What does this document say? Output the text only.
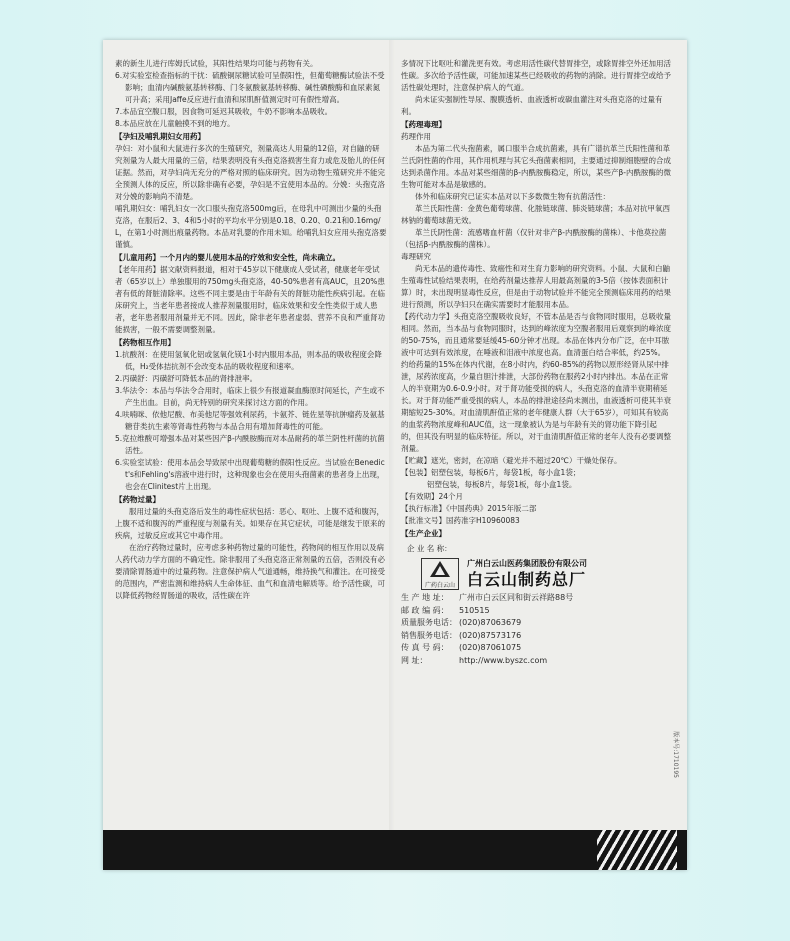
素的新生儿进行库姆氏试验，其阳性结果均可能与药物有关。
6.对实验室检查指标的干扰：硫酸铜尿糖试验可呈假阳性，但葡萄糖酶试验法不受影响；血清内碱酸氨基转移酶、门冬氨酸氨基转移酶、碱性磷酸酶和血尿素氮可升高；采用Jaffe反应进行血清和尿肌酐值测定时可有假性增高。
7.本品宜空腹口服，因食物可延迟其吸收，牛奶不影响本品吸收。
8.本品应放在儿童触摸不到的地方。
【孕妇及哺乳期妇女用药】
孕妇：对小鼠和大鼠进行多次的生殖研究，剂量高达人用量的12倍，对自鼬的研究剂量为人最大用量的三倍，结果表明没有头孢克洛损害生育力或危及胎儿的任何证据。然而，对孕妇尚无充分的严格对照的临床研究。因为动物生殖研究并不能完全预测人体的反应，所以除非确有必要，孕妇是不宜使用本品的。分娩：头孢克洛对分娩的影响尚不清楚。
哺乳期妇女：哺乳妇女一次口服头孢克洛500mg后，在母乳中可测出少量的头孢克洛，在服后2、3、4和5小时的平均水平分别是0.18、0.20、0.21和0.16mg/L，在第1小时测出痕量药物。本品对乳婴的作用未知。给哺乳妇女应用头孢克洛要谨慎。
【儿童用药】一个月内的婴儿使用本品的疗效和安全性，尚未确立。
【老年用药】据文献资料报道，相对于45岁以下健康成人受试者，健康老年受试者（65岁以上）单独服用的750mg头孢克洛，40-50%患者有高AUC，且20%患者有低的肾脏清除率。这些不同主要是由于年龄有关的肾脏功能性疾病引起。在临床研究上，当老年患者接成人推荐剂量服用时，临床效果和安全性类似于成人患者，老年患者服用剂量并无不同。因此，除非老年患者虚弱、营养不良和严重肾功能损害，一般不需要调整剂量。
【药物相互作用】
1.抗酸剂：在使用氢氧化铝或氢氧化镁1小时内服用本品，则本品的吸收程度会降低，H₂受体拮抗剂不会改变本品的吸收程度和速率。
2.丙磺舒：丙磺舒可降低本品的肾排泄率。
3.华法令：本品与华法令合用时，临床上很少有报道凝血酶原时间延长，产生或不产生出血。目前，尚无特别的研究来探讨这方面的作用。
4.呋喃咪、依他尼酸、布美他尼等强效利尿药，卡氨芥、链佐星等抗肿瘤药及氨基糖苷类抗生素等肾毒性药物与本品合用有增加肾毒性的可能。
5.克拉维酸可增强本品对某些因产β-内酰胺酶而对本品耐药的革兰阴性杆菌的抗菌活性。
6.实验室试验：使用本品会导致尿中出现葡萄糖的假阳性反应。当试验在Benedict's和Fehling's溶液中进行时，这种现象也会在使用头孢菌素的患者身上出现，也会在Clinitest片上出现。
【药物过量】
服用过量的头孢克洛后发生的毒性症状包括：恶心、呕吐、上腹不适和腹泻，上腹不适和腹泻的严重程度与剂量有关。如果存在其它症状，可能是继发于原来的疾病，过敏反应或其它中毒作用。
在治疗药物过量时，应考虑多种药物过量的可能性，药物间的相互作用以及病人药代动力学方面的不确定性。除非服用了头孢克洛正常剂量的五倍，否则没有必要清除胃肠道中的过量药物。注意保护病人气道通畅，维持换气和灌注。在可接受的范围内，严密监测和维持病人生命体征、血气和血清电解质等。给予活性碳，可以降低药物经胃肠道的吸收，活性碳在许
多情况下比呕吐和灌洗更有效。考虑用活性碳代替胃排空，或除胃排空外还加用活性碳。多次给予活性碳，可能加速某些已经吸收的药物的消除。进行胃排空或给予活性碳处理时，注意保护病人的气道。
尚未证实强制性导尿、腹膜透析、血液透析或碳血灌注对头孢克洛的过量有利。
【药理毒理】
药理作用
本品为第二代头孢菌素，属口服半合成抗菌素，具有广谱抗革兰氏阳性菌和革兰氏阴性菌的作用，其作用机理与其它头孢菌素相同，主要通过抑制细胞壁的合成达到杀菌作用。本品对某些细菌的β-内酰胺酶稳定，所以，某些产β-内酰胺酶的微生物可能对本品是敏感的。
体外和临床研究已证实本品对以下多数微生物有抗菌活性：
革兰氏阳性菌：金黄色葡萄球菌、化脓链球菌、肺炎链球菌；本品对抗甲氧西林钠的葡萄球菌无效。
革兰氏阴性菌：流感嗜血杆菌（仅针对非产β-内酰胺酶的菌株）、卡他莫拉菌（包括β-内酰胺酶的菌株）。
毒理研究
尚无本品的遗传毒性、致癌性和对生育力影响的研究资料。小鼠、大鼠和白鼬生殖毒性试验结果表明，在给药剂量达推荐人用最高剂量的3-5倍（按体表面积计算）时，未出现明显毒性反应，但是由于动物试验并不能完全预测临床用药的结果进行预测，所以孕妇只在确实需要时才能服用本品。
【药代动力学】头孢克洛空腹吸收良好，不管本品是否与食物同时服用，总吸收量相同。然而，当本品与食物同服时，达到的峰浓度为空腹者服用后观察到的峰浓度的50-75%，而且通常要延缓45-60分钟才出现。本品在体内分布广泛，在中耳脓液中可达到有效浓度，在唾液和泪液中浓度也高。血清蛋白结合率低，约25%。约给药量的15%在体内代谢，在8小时内，约60-85%的药物以原形经肾从尿中排泄，尿药浓度高，少量自胆汁排泄，大部份药物在服药2小时内排出。本品在正常人的半衰期为0.6-0.9小时。对于肾功能受损的病人，头孢克洛的血清半衰期稍延长。对于肾功能严重受损的病人，本品的排泄途径尚未测出，血液透析可使其半衰期缩短25-30%。对血清肌酐值正常的老年健康人群（大于65岁），可知其有较高的血浆药物浓度峰和AUC值，这一现象被认为是与年龄有关的肾功能下降引起的，但其没有明显的临床特征。所以，对于血清肌酐值正常的老年人没有必要调整剂量。
【贮藏】遮光，密封，在凉暗（避光并不超过20℃）干燥处保存。
【包装】铝塑包装，每板6片，每袋1板，每小盒1袋；
铝塑包装，每板8片，每袋1板，每小盒1袋。
【有效期】24个月
【执行标准】《中国药典》2015年版二部
【批准文号】国药准字H10960083
【生产企业】
企 业 名 称：
广药白云山
广州白云山医药集团股份有限公司
白云山制药总厂
生 产 地 址： 广州市白云区同和街云祥路88号
邮 政 编 码： 510515
质量服务电话： (020)87063679
销售服务电话： (020)87573176
传 真 号 码： (020)87061075
网 址：	http://www.byszc.com
版本号:1710195
